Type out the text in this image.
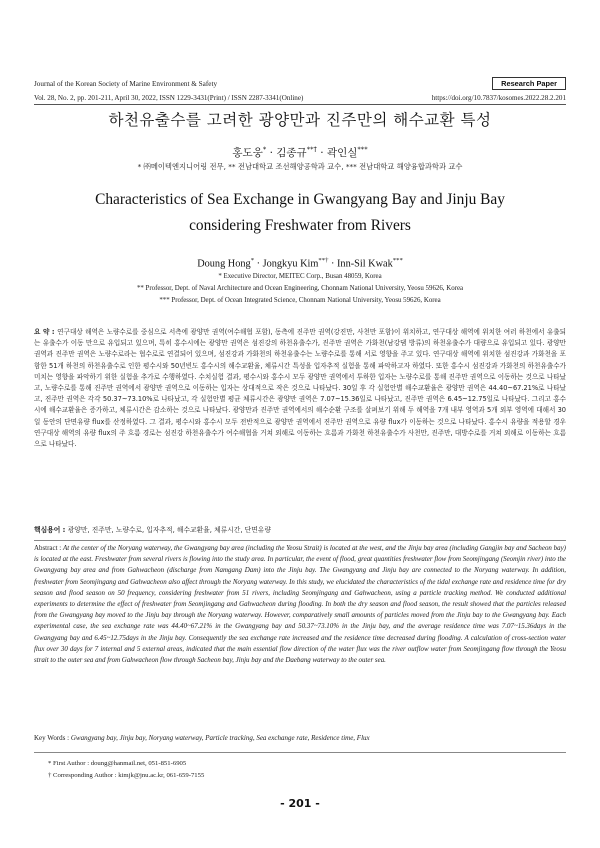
Journal of the Korean Society of Marine Environment & Safety	Research Paper
Vol. 28, No. 2, pp. 201-211, April 30, 2022, ISSN 1229-3431(Print) / ISSN 2287-3341(Online)	https://doi.org/10.7837/kosomes.2022.28.2.201
하천유출수를 고려한 광양만과 진주만의 해수교환 특성
홍도웅* · 김종규**† · 곽인실***
* ㈜메이텍엔지니어링 전무, ** 전남대학교 조선해양공학과 교수, *** 전남대학교 해양융합과학과 교수
Characteristics of Sea Exchange in Gwangyang Bay and Jinju Bay
considering Freshwater from Rivers
Doung Hong* · Jongkyu Kim**† · Inn-Sil Kwak***
* Executive Director, MEITEC Corp., Busan 48059, Korea
** Professor, Dept. of Naval Architecture and Ocean Engineering, Chonnam National University, Yeosu 59626, Korea
*** Professor, Dept. of Ocean Integrated Science, Chonnam National University, Yeosu 59626, Korea
요 약 : 연구대상 해역은 노량수로를 중심으로 서측에 광양만 권역(여수해협 포함), 동측에 진주만 권역(강진만, 사천만 포함)이 위치하고, 연구대상 해역에 위치한 여러 하천에서 유출되는 유출수가 이동 만으로 유입되고 있으며, 특히 홍수시에는 광양만 권역은 섬진강의 하천유출수가, 진주만 권역은 가화천(남강댐 방류)의 하천유출수가 대량으로 유입되고 있다. 광양만 권역과 진주만 권역은 노량수로라는 협수로로 연결되어 있으며, 섬진강과 가화천의 하천유출수는 노량수로를 통해 서로 영향을 주고 있다. 연구대상 해역에 위치한 섬진강과 가화천을 포함한 51개 하천의 하천유출수로 인한 평수시와 50년빈도 홍수시의 해수교환율, 체류시간 특성을 입자추적 실험을 통해 파악하고자 하였다. 또한 홍수시 섬진강과 가화천의 하천유출수가 미치는 영향을 파악하기 위한 실험을 추가로 수행하였다. 수치실험 결과, 평수시와 홍수시 모두 광양만 권역에서 투하한 입자는 노량수로를 통해 진주만 권역으로 이동하는 것으로 나타났고, 노량수로를 통해 진주만 권역에서 광양만 권역으로 이동하는 입자는 상대적으로 작은 것으로 나타났다. 30일 후 각 실험안별 해수교환율은 광양만 권역은 44.40~67.21%로 나타났고, 진주만 권역은 각각 50.37~73.10%로 나타났고, 각 실험안별 평균 체류시간은 광양만 권역은 7.07~15.36일로 나타났고, 진주만 권역은 6.45~12.75일로 나타났다. 그리고 홍수시에 해수교환율은 증가하고, 체류시간은 감소하는 것으로 나타났다. 광양만과 진주만 권역에서의 해수순환 구조를 살펴보기 위해 두 해역을 7개 내부 영역과 5개 외부 영역에 대해서 30일 동안의 단면유량 flux를 산정하였다. 그 결과, 평수시와 홍수시 모두 전반적으로 광양만 권역에서 진주만 권역으로 유량 flux가 이동하는 것으로 나타났다. 홍수시 유량을 적용할 경우 연구대상 해역의 유량 flux의 주 흐름 경로는 섬진강 하천유출수가 여수해협을 거쳐 외해로 이동하는 흐름과 가화천 하천유출수가 사천만, 진주만, 대방수로를 거쳐 외해로 이동하는 흐름으로 나타났다.
핵심용어 : 광양만, 진주만, 노량수로, 입자추적, 해수교환율, 체류시간, 단면유량
Abstract : At the center of the Noryang waterway, the Gwangyang bay area (including the Yeosu Strait) is located at the west, and the Jinju bay area (including Gangjin bay and Sacheon bay) is located at the east. Freshwater from several rivers is flowing into the study area. In particular, the event of flood, great quantities freshwater flow from Seomjingang (Seomjin river) into the Gwangyang bay area and from Gahwacheon (discharge from Namgang Dam) into the Jinju bay. The Gwangyang and Jinju bay are connected to the Noryang waterway. In addition, freshwater from Seomjingang and Gahwacheon also affect through the Noryang waterway. In this study, we elucidated the characteristics of the tidal exchange rate and residence time for dry season and flood season on 50 frequency, considering freshwater from 51 rivers, including Seomjingang and Gahwacheon, using a particle tracking method. We conducted additional experiments to determine the effect of freshwater from Seomjingang and Gahwacheon during flooding. In both the dry season and flood season, the result showed that the particles released from the Gwangyang bay moved to the Jinju bay through the Noryang waterway. However, comparatively small amounts of particles moved from the Jinju bay to the Gwangyang bay. Each experimental case, the sea exchange rate was 44.40~67.21% in the Gwangyang bay and 50.37~73.10% in the Jinju bay, and the average residence time was 7.07~15.36days in the Gwangyang bay and 6.45~12.75days in the Jinju bay. Consequently the sea exchange rate increased and the residence time decreased during flooding. A calculation of cross-section water flux over 30 days for 7 internal and 5 external areas, indicated that the main essential flow direction of the water flux was the river outflow water from Seomjingang flow through the Yeosu strait to the outer sea and from Gahwacheon flow through Sacheon bay, Jinju bay and the Daebang waterway to the outer sea.
Key Words : Gwangyang bay, Jinju bay, Noryang waterway, Particle tracking, Sea exchange rate, Residence time, Flux
* First Author : doung@hanmail.net, 051-851-6905
† Corresponding Author : kimjk@jnu.ac.kr, 061-659-7155
- 201 -
